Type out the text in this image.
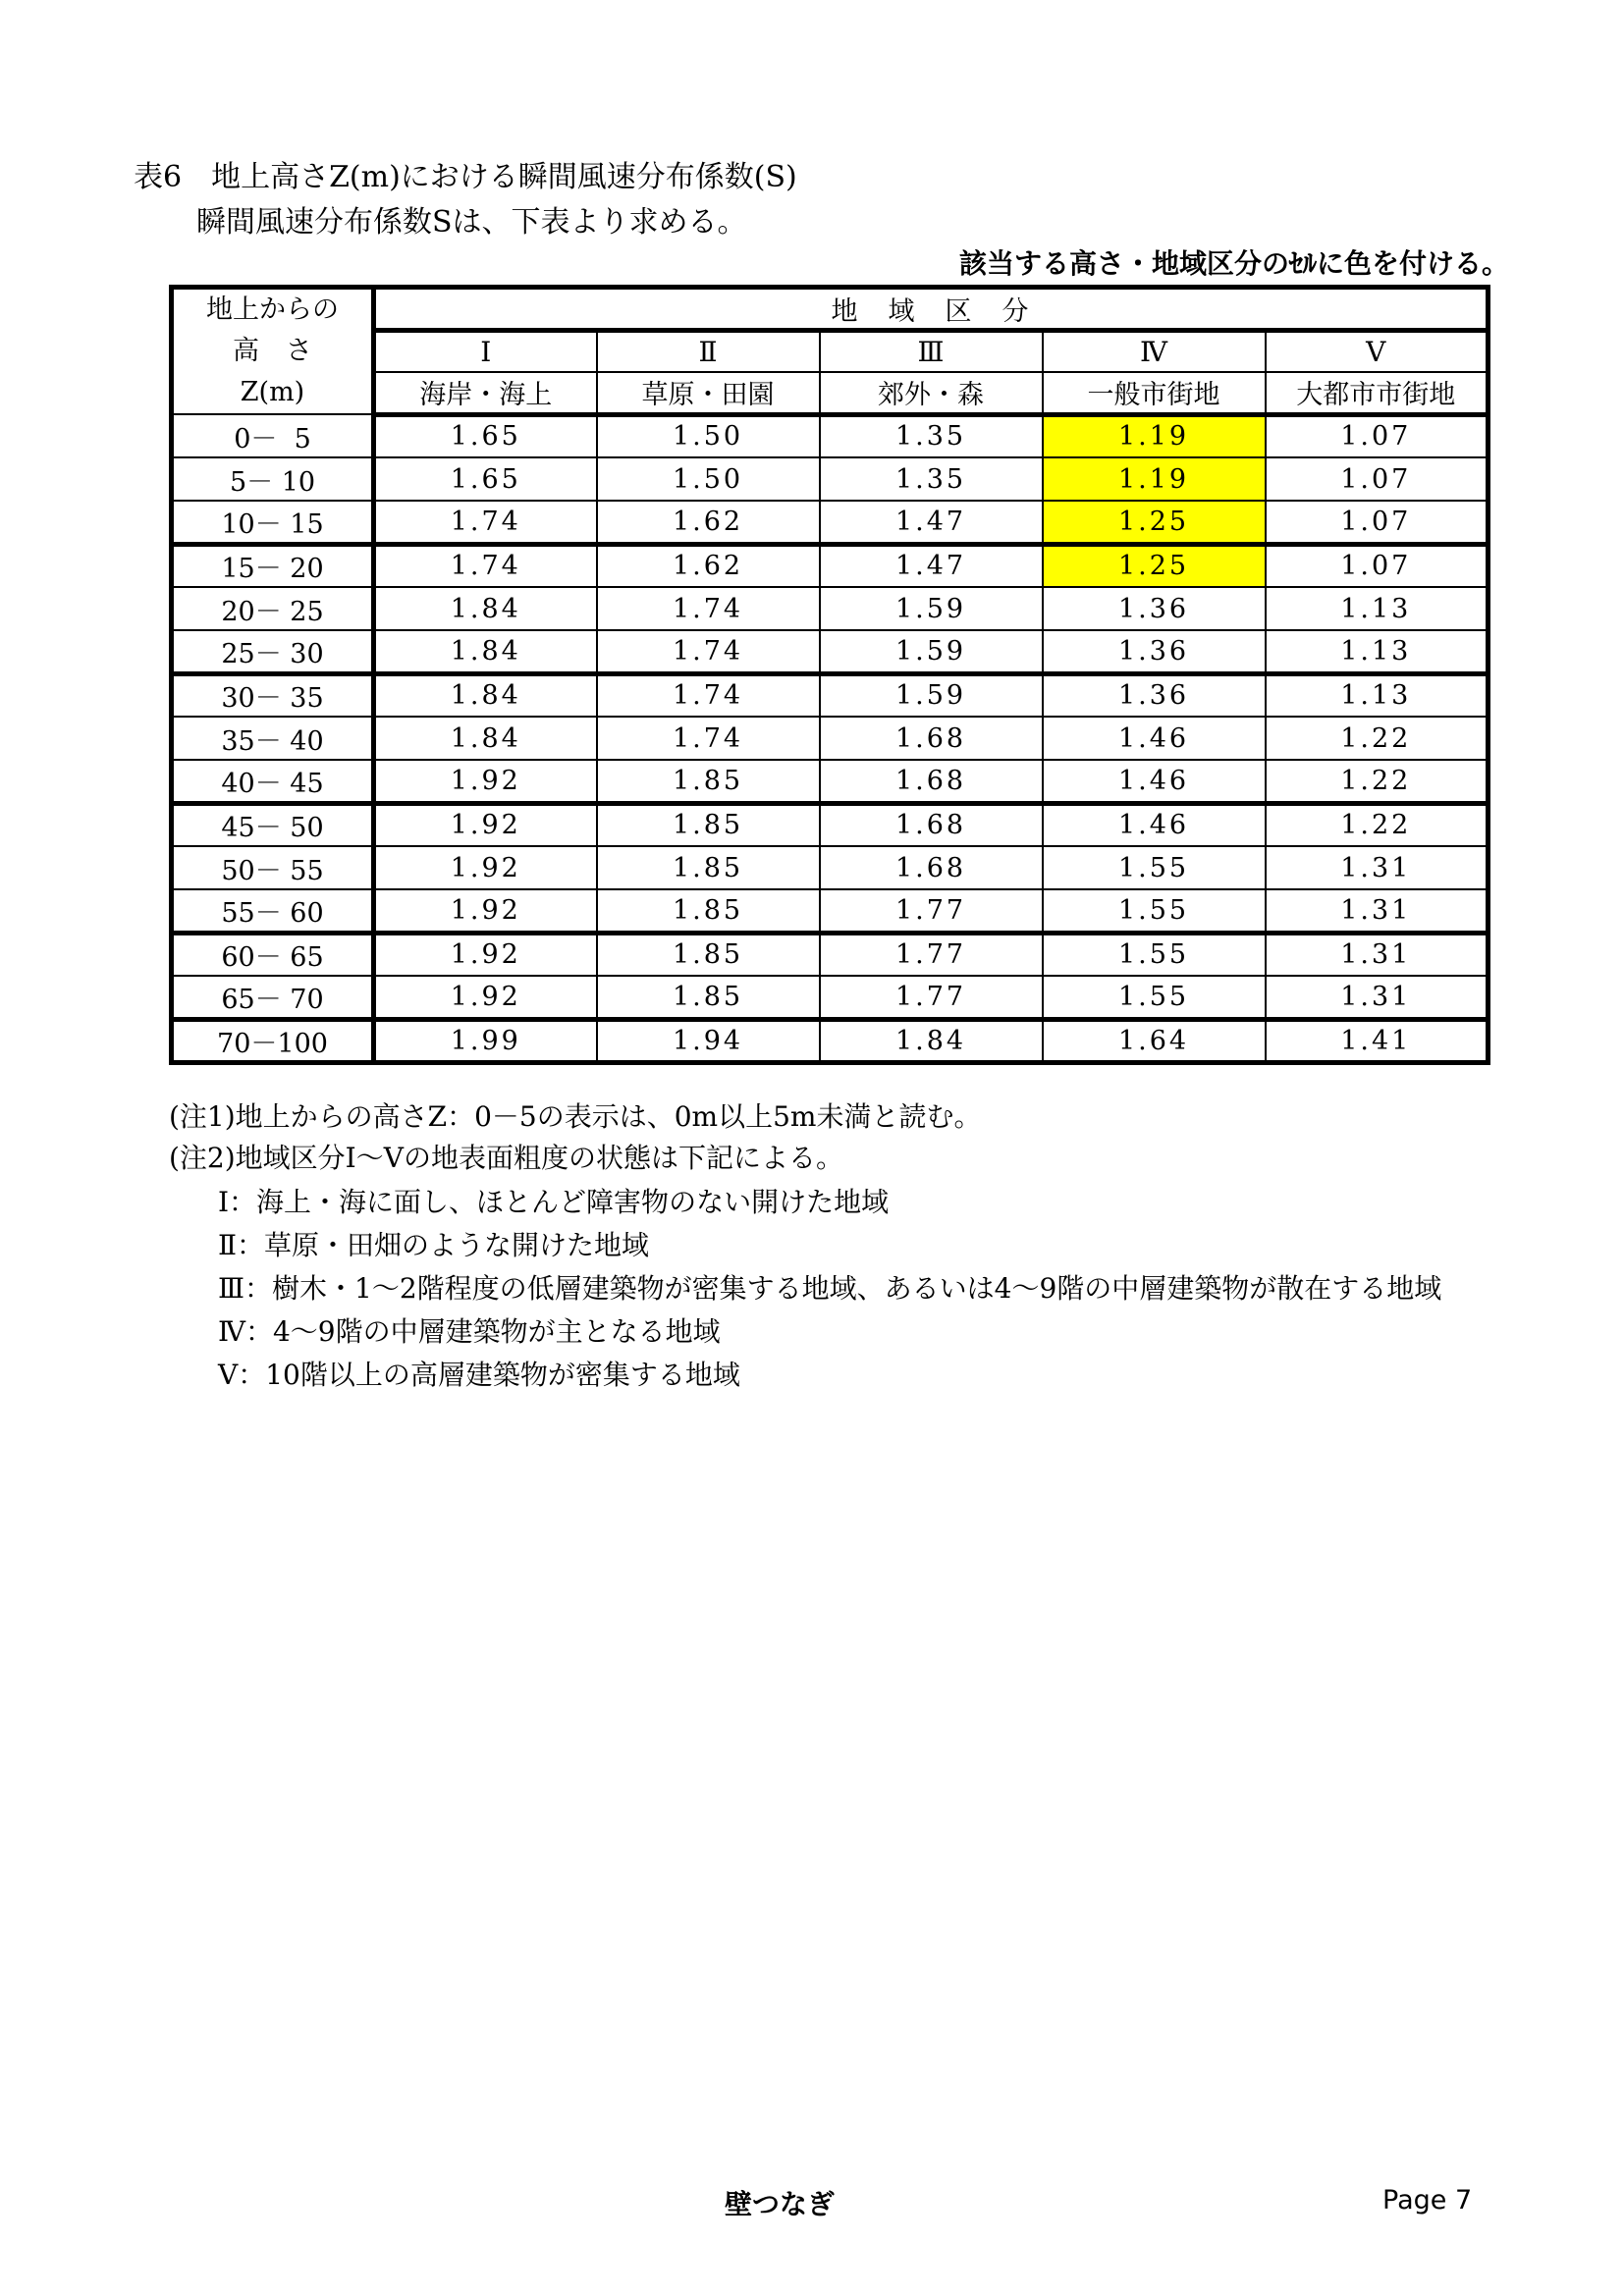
表6　地上高さZ(m)における瞬間風速分布係数(S)
瞬間風速分布係数Sは、下表より求める。
該当する高さ・地域区分のｾﾙに色を付ける。
地上からの
高　さ
Z(m)	地　域　区　分				
	Ⅰ	Ⅱ	Ⅲ	Ⅳ	Ⅴ
	海岸・海上	草原・田園	郊外・森	一般市街地	大都市市街地
0－  5	1.65	1.50	1.35	1.19	1.07
5－ 10	1.65	1.50	1.35	1.19	1.07
10－ 15	1.74	1.62	1.47	1.25	1.07
15－ 20	1.74	1.62	1.47	1.25	1.07
20－ 25	1.84	1.74	1.59	1.36	1.13
25－ 30	1.84	1.74	1.59	1.36	1.13
30－ 35	1.84	1.74	1.59	1.36	1.13
35－ 40	1.84	1.74	1.68	1.46	1.22
40－ 45	1.92	1.85	1.68	1.46	1.22
45－ 50	1.92	1.85	1.68	1.46	1.22
50－ 55	1.92	1.85	1.68	1.55	1.31
55－ 60	1.92	1.85	1.77	1.55	1.31
60－ 65	1.92	1.85	1.77	1.55	1.31
65－ 70	1.92	1.85	1.77	1.55	1.31
70－100	1.99	1.94	1.84	1.64	1.41
(注1)地上からの高さZ：0－5の表示は、0m以上5m未満と読む。
(注2)地域区分Ⅰ～Ⅴの地表面粗度の状態は下記による。
Ⅰ：海上・海に面し、ほとんど障害物のない開けた地域
Ⅱ：草原・田畑のような開けた地域
Ⅲ：樹木・1～2階程度の低層建築物が密集する地域、あるいは4～9階の中層建築物が散在する地域
Ⅳ：4～9階の中層建築物が主となる地域
Ⅴ：10階以上の高層建築物が密集する地域
壁つなぎ	Page 7
